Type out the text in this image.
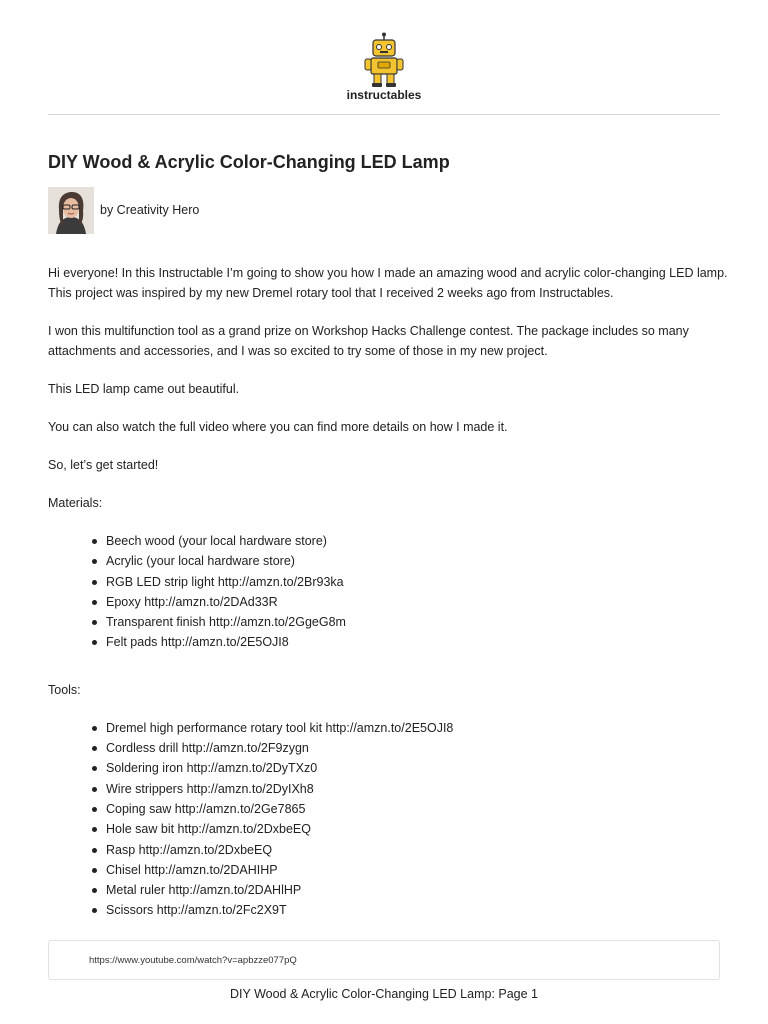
instructables
DIY Wood & Acrylic Color-Changing LED Lamp
by Creativity Hero

Hi everyone! In this Instructable I’m going to show you how I made an amazing wood and acrylic color-changing LED lamp. This project was inspired by my new Dremel rotary tool that I received 2 weeks ago from Instructables.

I won this multifunction tool as a grand prize on Workshop Hacks Challenge contest. The package includes so many attachments and accessories, and I was so excited to try some of those in my new project.

This LED lamp came out beautiful.

You can also watch the full video where you can find more details on how I made it.

So, let’s get started!

Materials:

Beech wood (your local hardware store)
Acrylic (your local hardware store)
RGB LED strip light http://amzn.to/2Br93ka
Epoxy http://amzn.to/2DAd33R
Transparent finish http://amzn.to/2GgeG8m
Felt pads http://amzn.to/2E5OJI8

Tools:

Dremel high performance rotary tool kit http://amzn.to/2E5OJI8
Cordless drill http://amzn.to/2F9zygn
Soldering iron http://amzn.to/2DyTXz0
Wire strippers http://amzn.to/2DyIXh8
Coping saw http://amzn.to/2Ge7865
Hole saw bit http://amzn.to/2DxbeEQ
Rasp http://amzn.to/2DxbeEQ
Chisel http://amzn.to/2DAHIHP
Metal ruler http://amzn.to/2DAHlHP
Scissors http://amzn.to/2Fc2X9T
https://www.youtube.com/watch?v=apbzze077pQ
DIY Wood & Acrylic Color-Changing LED Lamp: Page 1
